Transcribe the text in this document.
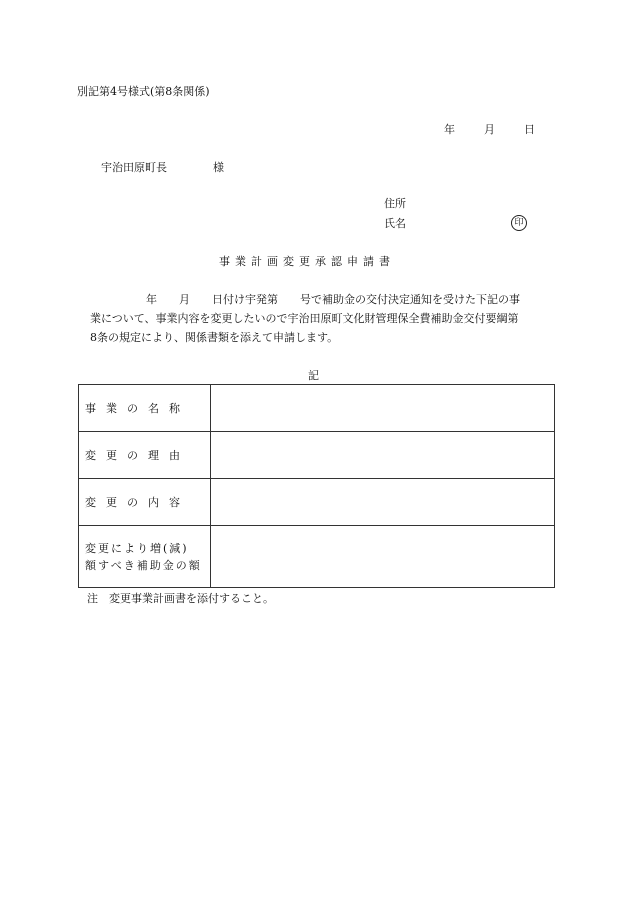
別記第4号様式(第8条関係)
年	月	日
宇治田原町長	様
住所
氏名	印
事業計画変更承認申請書
年　　月　　日付け宇発第　　号で補助金の交付決定通知を受けた下記の事
業について、事業内容を変更したいので宇治田原町文化財管理保全費補助金交付要綱第
8条の規定により、関係書類を添えて申請します。
記
事業の名称	
変更の理由	
変更の内容	

変更により増(減)
額すべき補助金の額	

注　変更事業計画書を添付すること。
